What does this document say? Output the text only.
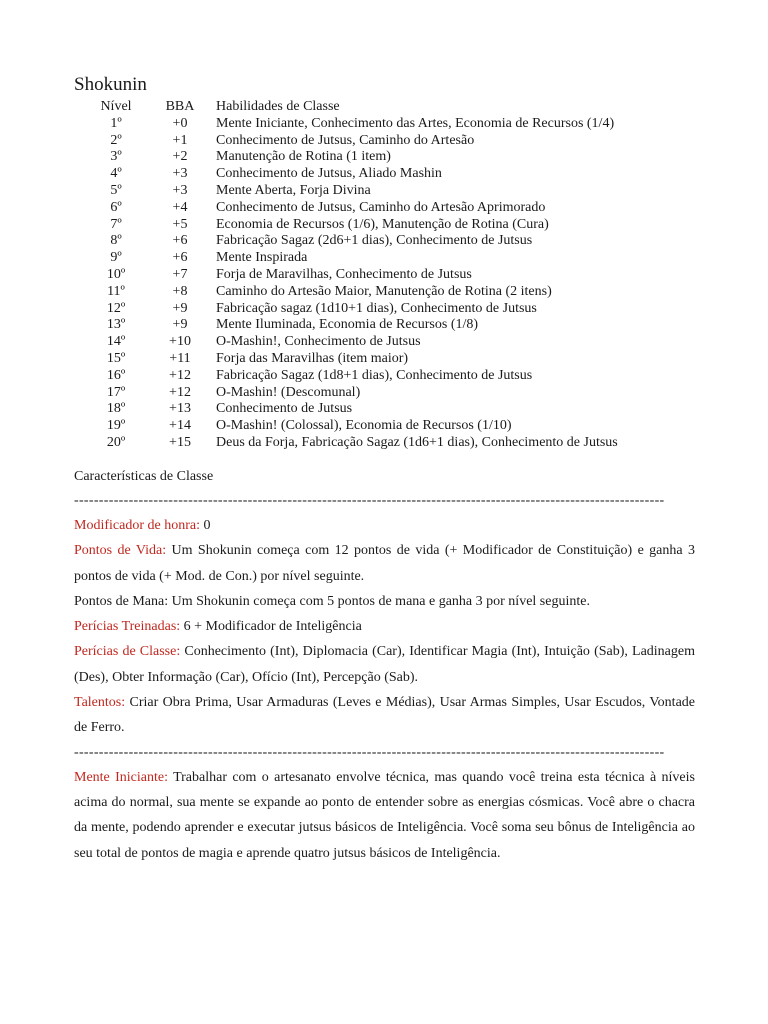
Shokunin
Nível	BBA	Habilidades de Classe
1º	+0	Mente Iniciante, Conhecimento das Artes, Economia de Recursos (1/4)
2º	+1	Conhecimento de Jutsus, Caminho do Artesão
3º	+2	Manutenção de Rotina (1 item)
4º	+3	Conhecimento de Jutsus, Aliado Mashin
5º	+3	Mente Aberta, Forja Divina
6º	+4	Conhecimento de Jutsus, Caminho do Artesão Aprimorado
7º	+5	Economia de Recursos (1/6), Manutenção de Rotina (Cura)
8º	+6	Fabricação Sagaz (2d6+1 dias), Conhecimento de Jutsus
9º	+6	Mente Inspirada
10º	+7	Forja de Maravilhas, Conhecimento de Jutsus
11º	+8	Caminho do Artesão Maior, Manutenção de Rotina (2 itens)
12º	+9	Fabricação sagaz (1d10+1 dias), Conhecimento de Jutsus
13º	+9	Mente Iluminada, Economia de Recursos (1/8)
14º	+10	O-Mashin!, Conhecimento de Jutsus
15º	+11	Forja das Maravilhas (item maior)
16º	+12	Fabricação Sagaz (1d8+1 dias), Conhecimento de Jutsus
17º	+12	O-Mashin! (Descomunal)
18º	+13	Conhecimento de Jutsus
19º	+14	O-Mashin! (Colossal), Economia de Recursos (1/10)
20º	+15	Deus da Forja, Fabricação Sagaz (1d6+1 dias), Conhecimento de Jutsus

Características de Classe

-----------------------------------------------------------------------------------------------------------------------

Modificador de honra: 0

Pontos de Vida: Um Shokunin começa com 12 pontos de vida (+ Modificador de Constituição) e ganha 3 pontos de vida (+ Mod. de Con.) por nível seguinte.

Pontos de Mana: Um Shokunin começa com 5 pontos de mana e ganha 3 por nível seguinte.

Perícias Treinadas: 6 + Modificador de Inteligência

Perícias de Classe: Conhecimento (Int), Diplomacia (Car), Identificar Magia (Int), Intuição (Sab), Ladinagem (Des), Obter Informação (Car), Ofício (Int), Percepção (Sab).

Talentos: Criar Obra Prima, Usar Armaduras (Leves e Médias), Usar Armas Simples, Usar Escudos, Vontade de Ferro.

-----------------------------------------------------------------------------------------------------------------------

Mente Iniciante: Trabalhar com o artesanato envolve técnica, mas quando você treina esta técnica à níveis acima do normal, sua mente se expande ao ponto de entender sobre as energias cósmicas. Você abre o chacra da mente, podendo aprender e executar jutsus básicos de Inteligência. Você soma seu bônus de Inteligência ao seu total de pontos de magia e aprende quatro jutsus básicos de Inteligência.
